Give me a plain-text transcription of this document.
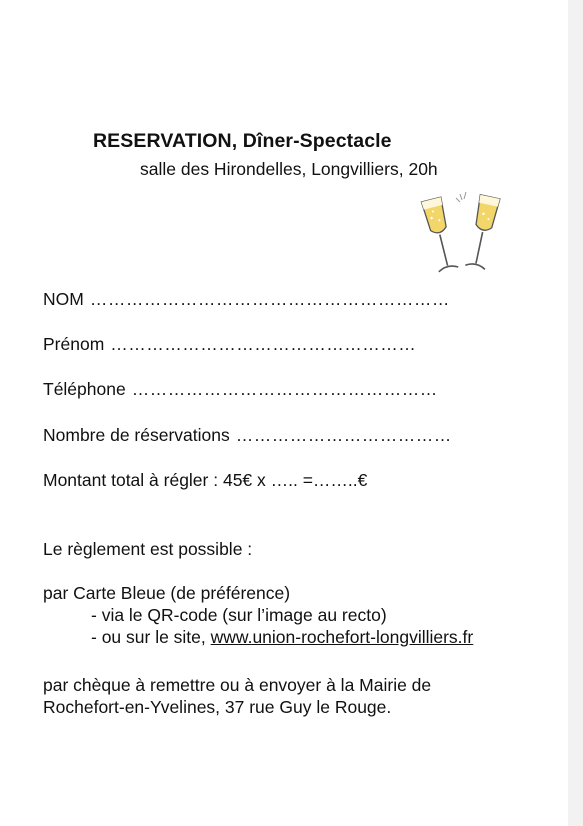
RESERVATION, Dîner-Spectacle
salle des Hirondelles, Longvilliers, 20h
NOM ……………………………………………………
Prénom ……………………………………………
Téléphone ……………………………………………
Nombre de réservations ………………………………
Montant total à régler : 45€ x ….. =……..€
Le règlement est possible :
par Carte Bleue (de préférence)
- via le QR-code (sur l’image au recto)
- ou sur le site, www.union-rochefort-longvilliers.fr
par chèque à remettre ou à envoyer à la Mairie de
Rochefort-en-Yvelines, 37 rue Guy le Rouge.
